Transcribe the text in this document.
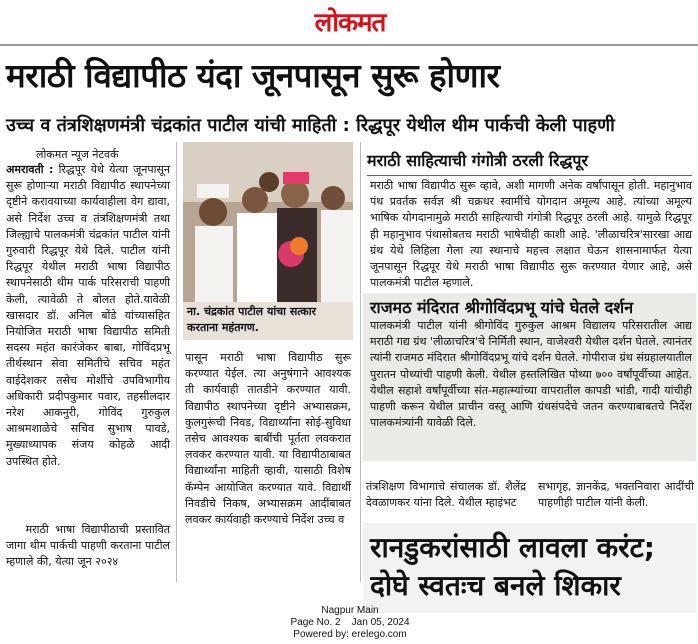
लोकमत
मराठी विद्यापीठ यंदा जूनपासून सुरू होणार
उच्च व तंत्रशिक्षणमंत्री चंद्रकांत पाटील यांची माहिती : रिद्धपूर येथील थीम पार्कची केली पाहणी
लोकमत न्यूज नेटवर्क
अमरावती : रिद्धपूर येथे येत्या जूनपासून सुरू होणाऱ्या मराठी विद्यापीठ स्थापनेच्या दृष्टीने करावयाच्या कार्यवाहीला वेग द्यावा, असे निर्देश उच्च व तंत्रशिक्षणमंत्री तथा जिल्ह्याचे पालकमंत्री चंद्रकांत पाटील यांनी गुरुवारी रिद्धपूर येथे दिले. पाटील यांनी रिद्धपूर येथील मराठी भाषा विद्यापीठ स्थापनेसाठी थीम पार्क परिसराची पाहणी केली, त्यावेळी ते बोलत होते.यावेळी खासदार डॉ. अनिल बोंडे यांच्यासहित नियोजित मराठी भाषा विद्यापीठ समिती सदस्य महंत कारंजेकर बाबा, गोविंदप्रभू तीर्थस्थान सेवा समितीचे सचिव महंत वाईदेशकर तसेच मोर्शीचे उपविभागीय अधिकारी प्रदीपकुमार पवार, तहसीलदार नरेश आकनुरी, गोविंद गुरुकुल आश्रमशाळेचे सचिव सुभाष पावडे, मुख्याध्यापक संजय कोहळे आदी उपस्थित होते.
मराठी भाषा विद्यापीठाची प्रस्तावित जागा थीम पार्कची पाहणी करताना पाटील म्हणाले की, येत्या जून २०२४
ना. चंद्रकांत पाटील यांचा सत्कार करताना महंतगण.
पासून मराठी भाषा विद्यापीठ सुरू करण्यात येईल. त्या अनुषंगाने आवश्यक ती कार्यवाही तातडीने करण्यात यावी. विद्यापीठ स्थापनेच्या दृष्टीने अभ्यासक्रम, कुलगुरूंची निवड, विद्यार्थ्यांना सोई-सुविधा तसेच आवश्यक बाबींची पूर्तता लवकरात लवकर करण्यात यावी. या विद्यापीठाबाबत विद्यार्थ्यांना माहिती व्हावी, यासाठी विशेष कॅम्पेन आयोजित करण्यात यावे. विद्यार्थी निवडीचे निकष, अभ्यासक्रम आदींबाबत लवकर कार्यवाही करण्याचे निर्देश उच्च व
मराठी साहित्याची गंगोत्री ठरली रिद्धपूर
मराठी भाषा विद्यापीठ सुरू व्हावे, अशी मागणी अनेक वर्षांपासून होती. महानुभाव पंथ प्रवर्तक सर्वज्ञ श्री चक्रधर स्वामींचे योगदान अमूल्य आहे. त्यांच्या अमूल्य भाषिक योगदानामुळे मराठी साहित्याची गंगोत्री रिद्धपूर ठरली आहे. यामुळे रिद्धपूर ही महानुभाव पंथासोबतच मराठी भाषेचीही काशी आहे. 'लीळाचरित्र'सारखा आद्य ग्रंथ येथे लिहिला गेला त्या स्थानाचे महत्त्व लक्षात घेऊन शासनामार्फत येत्या जूनपासून रिद्धपूर येथे मराठी भाषा विद्यापीठ सुरू करण्यात येणार आहे, असे पालकमंत्री पाटील म्हणाले.
राजमठ मंदिरात श्रीगोविंदप्रभू यांचे घेतले दर्शन
पालकमंत्री पाटील यांनी श्रीगोविंद गुरुकुल आश्रम विद्यालय परिसरातील आद्य मराठी गद्य ग्रंथ 'लीळाचरित्र'चे निर्मिती स्थान, वाजेश्वरी येथील दर्शन घेतले. त्यानंतर त्यांनी राजमठ मंदिरात श्रीगोविंदप्रभू यांचे दर्शन घेतले. गोपीराज ग्रंथ संग्रहालयातील पुरातन पोथ्यांची पाहणी केली. येथील हस्तलिखित पोथ्या ७०० वर्षांपूर्वीच्या आहेत. येथील सहाशे वर्षांपूर्वीच्या संत-महात्म्यांच्या वापरातील कापडी भांडी, गादी यांचीही पाहणी करून येथील प्राचीन वस्तू आणि ग्रंथसंपदेचे जतन करण्याबाबतचे निर्देश पालकमंत्र्यांनी यावेळी दिले.
तंत्रशिक्षण विभागाचे संचालक डॉ. शैलेंद्र देवळाणकर यांना दिले. येथील म्हाइंभट
सभागृह, ज्ञानकेंद्र, भक्तनिवारा आदींची पाहणीही पाटील यांनी केली.
रानडुकरांसाठी लावला करंट;
दोघे स्वतःच बनले शिकार
Nagpur Main
Page No. 2 Jan 05, 2024
Powered by: erelego.com
